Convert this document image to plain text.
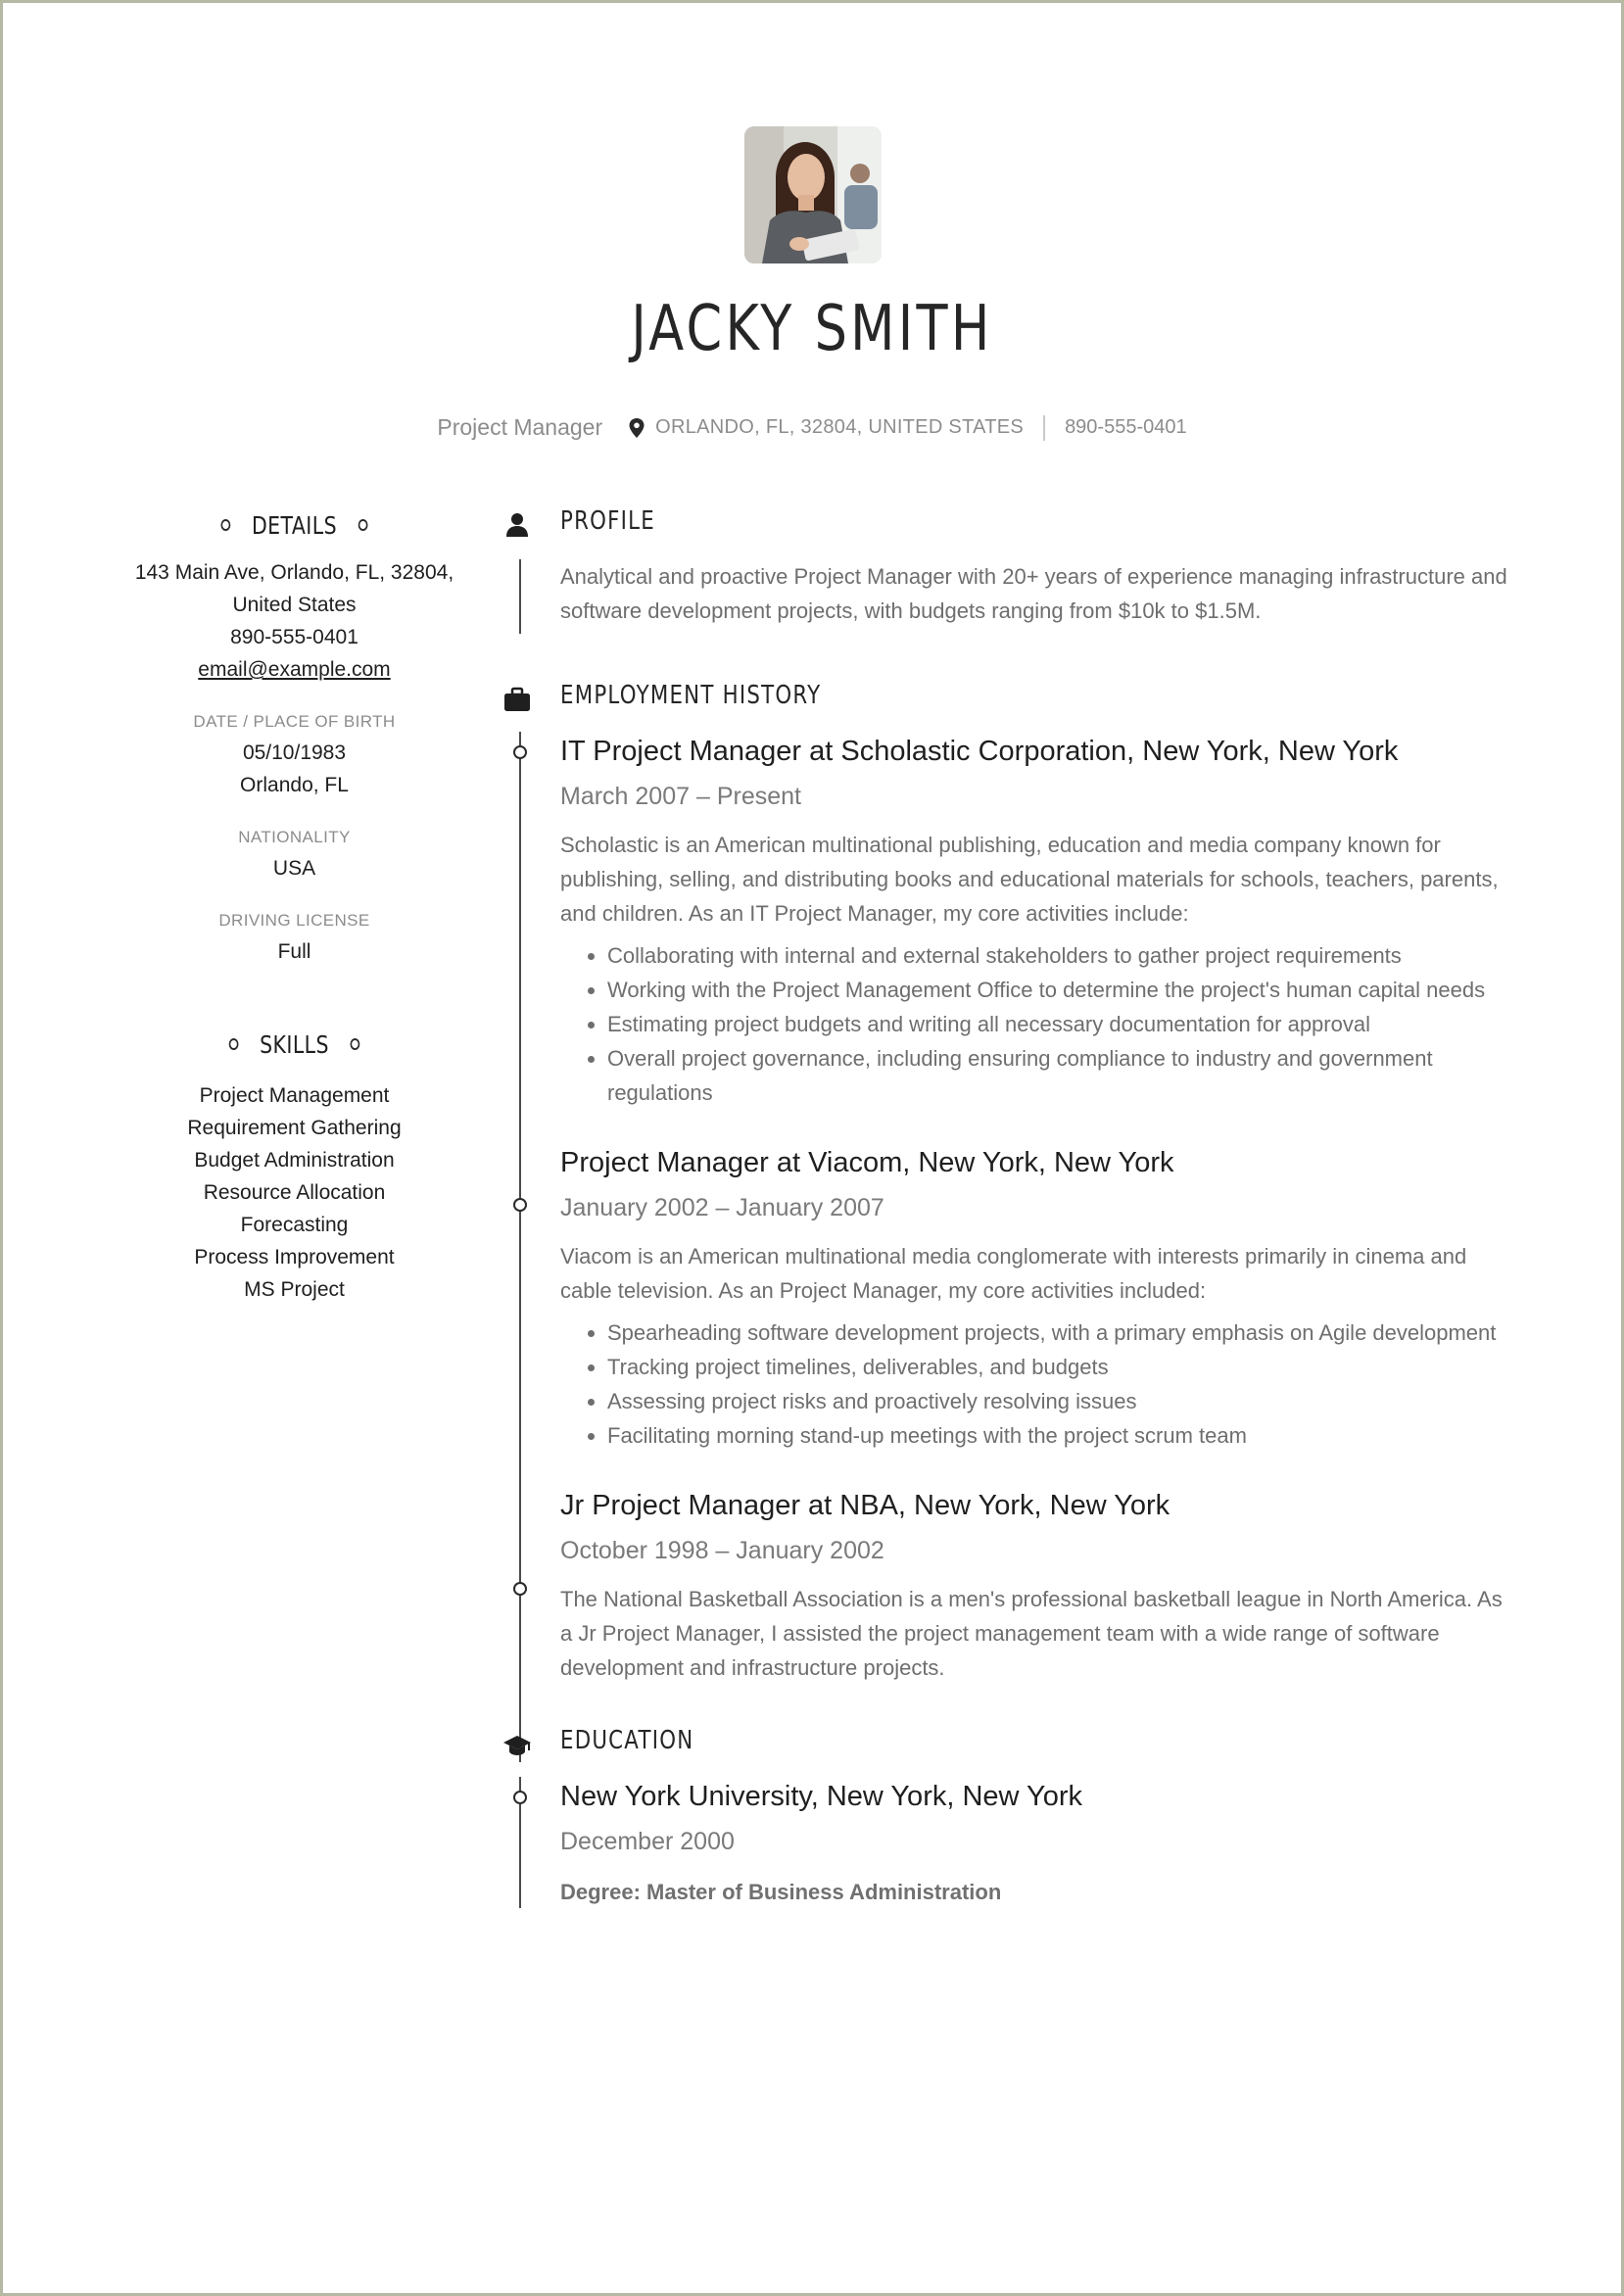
JACKY SMITH
Project Manager	ORLANDO, FL, 32804, UNITED STATES 890-555-0401
DETAILS
143 Main Ave, Orlando, FL, 32804,
United States
890-555-0401
email@example.com
DATE / PLACE OF BIRTH
05/10/1983
Orlando, FL
NATIONALITY
USA
DRIVING LICENSE
Full
SKILLS
Project Management
Requirement Gathering
Budget Administration
Resource Allocation
Forecasting
Process Improvement
MS Project
PROFILE
Analytical and proactive Project Manager with 20+ years of experience managing infrastructure and software development projects, with budgets ranging from $10k to $1.5M.
EMPLOYMENT HISTORY
IT Project Manager at Scholastic Corporation, New York, New York
March 2007 – Present
Scholastic is an American multinational publishing, education and media company known for publishing, selling, and distributing books and educational materials for schools, teachers, parents, and children. As an IT Project Manager, my core activities include:
• Collaborating with internal and external stakeholders to gather project requirements
• Working with the Project Management Office to determine the project's human capital needs
• Estimating project budgets and writing all necessary documentation for approval
• Overall project governance, including ensuring compliance to industry and government regulations
Project Manager at Viacom, New York, New York
January 2002 – January 2007
Viacom is an American multinational media conglomerate with interests primarily in cinema and cable television. As an Project Manager, my core activities included:
• Spearheading software development projects, with a primary emphasis on Agile development
• Tracking project timelines, deliverables, and budgets
• Assessing project risks and proactively resolving issues
• Facilitating morning stand-up meetings with the project scrum team
Jr Project Manager at NBA, New York, New York
October 1998 – January 2002
The National Basketball Association is a men's professional basketball league in North America. As a Jr Project Manager, I assisted the project management team with a wide range of software development and infrastructure projects.
EDUCATION
New York University, New York, New York
December 2000
Degree: Master of Business Administration
